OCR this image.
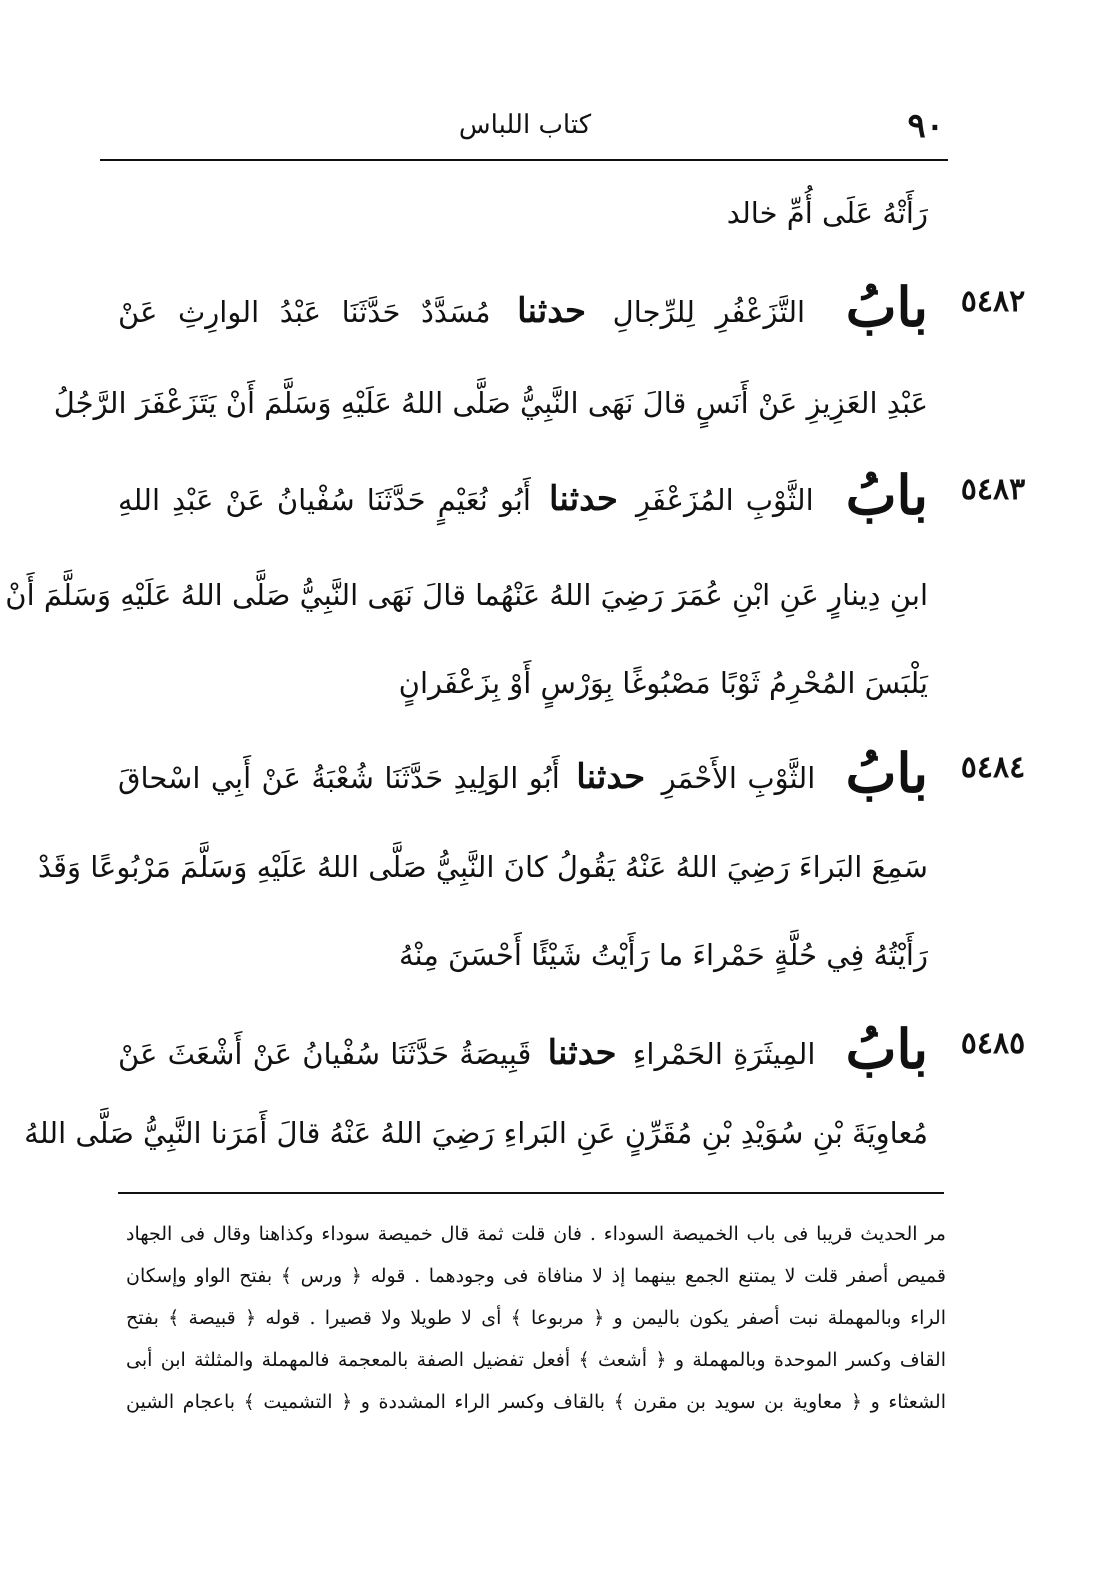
٩٠
كتاب اللباس
رَأَتْهُ عَلَى أُمِّ خالد
٥٤٨٢
بابُ التَّزَعْفُرِ لِلرِّجالِ حدثنا مُسَدَّدٌ حَدَّثَنَا عَبْدُ الوارِثِ عَنْ
عَبْدِ العَزِيزِ عَنْ أَنَسٍ قالَ نَهَى النَّبِيُّ صَلَّى اللهُ عَلَيْهِ وَسَلَّمَ أَنْ يَتَزَعْفَرَ الرَّجُلُ
٥٤٨٣
بابُ الثَّوْبِ المُزَعْفَرِ حدثنا أَبُو نُعَيْمٍ حَدَّثَنَا سُفْيانُ عَنْ عَبْدِ اللهِ
ابنِ دِينارٍ عَنِ ابْنِ عُمَرَ رَضِيَ اللهُ عَنْهُما قالَ نَهَى النَّبِيُّ صَلَّى اللهُ عَلَيْهِ وَسَلَّمَ أَنْ
يَلْبَسَ المُحْرِمُ ثَوْبًا مَصْبُوغًا بِوَرْسٍ أَوْ بِزَعْفَرانٍ
٥٤٨٤
بابُ الثَّوْبِ الأَحْمَرِ حدثنا أَبُو الوَلِيدِ حَدَّثَنَا شُعْبَةُ عَنْ أَبِي اسْحاقَ
سَمِعَ البَراءَ رَضِيَ اللهُ عَنْهُ يَقُولُ كانَ النَّبِيُّ صَلَّى اللهُ عَلَيْهِ وَسَلَّمَ مَرْبُوعًا وَقَدْ
رَأَيْتُهُ فِي حُلَّةٍ حَمْراءَ ما رَأَيْتُ شَيْئًا أَحْسَنَ مِنْهُ
٥٤٨٥
بابُ المِيثَرَةِ الحَمْراءِ حدثنا قَبِيصَةُ حَدَّثَنَا سُفْيانُ عَنْ أَشْعَثَ عَنْ
مُعاوِيَةَ بْنِ سُوَيْدِ بْنِ مُقَرِّنٍ عَنِ البَراءِ رَضِيَ اللهُ عَنْهُ قالَ أَمَرَنا النَّبِيُّ صَلَّى اللهُ
مر الحديث قريبا فى باب الخميصة السوداء . فان قلت ثمة قال خميصة سوداء وكذاهنا وقال فى الجهاد
قميص أصفر قلت لا يمتنع الجمع بينهما إذ لا منافاة فى وجودهما . قوله ﴿ ورس ﴾ بفتح الواو وإسكان
الراء وبالمهملة نبت أصفر يكون باليمن و ﴿ مربوعا ﴾ أى لا طويلا ولا قصيرا . قوله ﴿ قبيصة ﴾ بفتح
القاف وكسر الموحدة وبالمهملة و ﴿ أشعث ﴾ أفعل تفضيل الصفة بالمعجمة فالمهملة والمثلثة ابن أبى
الشعثاء و ﴿ معاوية بن سويد بن مقرن ﴾ بالقاف وكسر الراء المشددة و ﴿ التشميت ﴾ باعجام الشين
